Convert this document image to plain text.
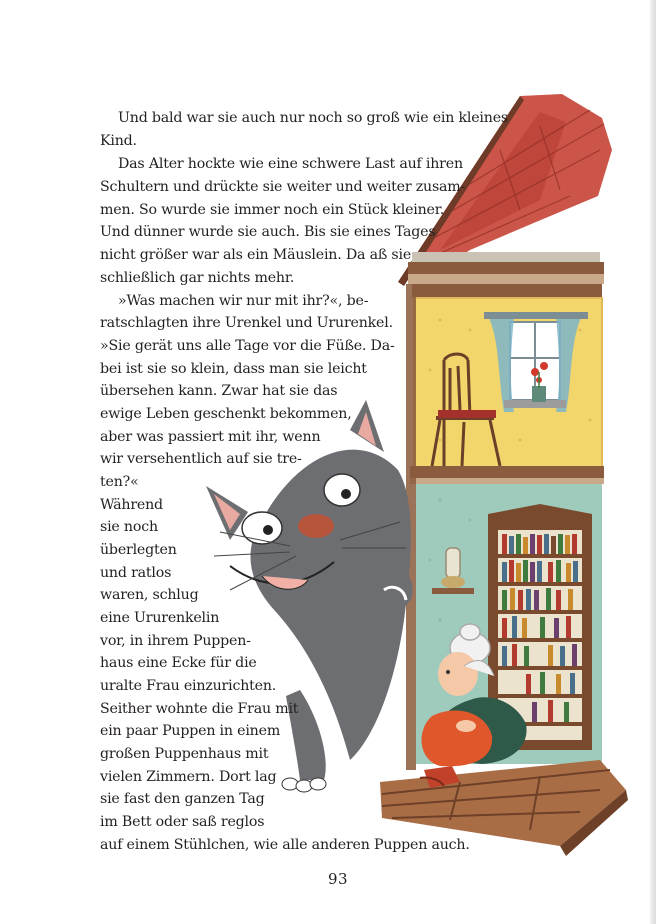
Und bald war sie auch nur noch so groß wie ein kleines
Kind.
Das Alter hockte wie eine schwere Last auf ihren
Schultern und drückte sie weiter und weiter zusam-
men. So wurde sie immer noch ein Stück kleiner.
Und dünner wurde sie auch. Bis sie eines Tages
nicht größer war als ein Mäuslein. Da aß sie
schließlich gar nichts mehr.
»Was machen wir nur mit ihr?«, be-
ratschlagten ihre Urenkel und Ururenkel.
»Sie gerät uns alle Tage vor die Füße. Da-
bei ist sie so klein, dass man sie leicht
übersehen kann. Zwar hat sie das
ewige Leben geschenkt bekommen,
aber was passiert mit ihr, wenn
wir versehentlich auf sie tre-
ten?«
Während
sie noch
überlegten
und ratlos
waren, schlug
eine Ururenkelin
vor, in ihrem Puppen-
haus eine Ecke für die
uralte Frau einzurichten.
Seither wohnte die Frau mit
ein paar Puppen in einem
großen Puppenhaus mit
vielen Zimmern. Dort lag
sie fast den ganzen Tag
im Bett oder saß reglos
auf einem Stühlchen, wie alle anderen Puppen auch.
93
